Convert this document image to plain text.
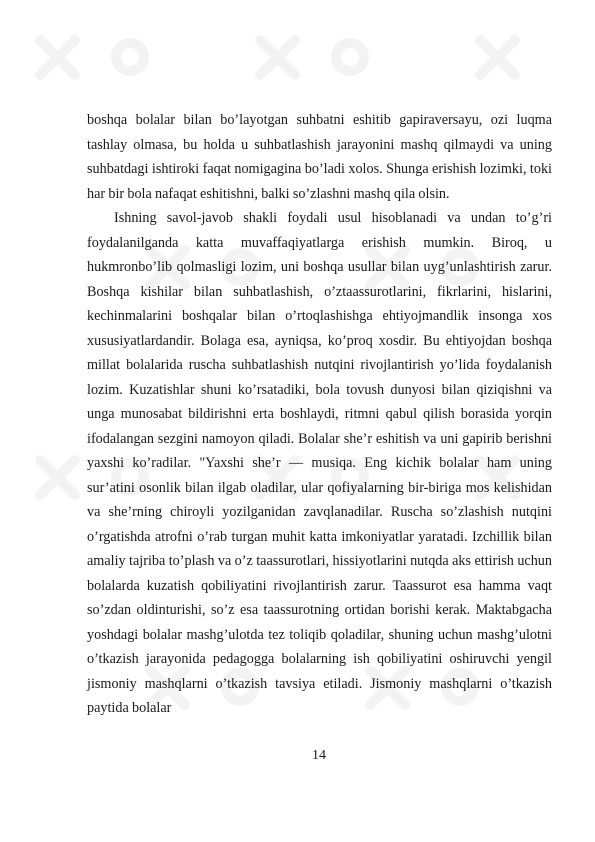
boshqa bolalar bilan bo’layotgan suhbatni eshitib gapiraversayu, ozi luqma tashlay olmasa, bu holda u suhbatlashish jarayonini mashq qilmaydi va uning suhbatdagi ishtiroki faqat nomigagina bo’ladi xolos. Shunga erishish lozimki, toki har bir bola nafaqat eshitishni, balki so’zlashni mashq qila olsin.

Ishning savol-javob shakli foydali usul hisoblanadi va undan to’g’ri foydalanilganda katta muvaffaqiyatlarga erishish mumkin. Biroq, u hukmronbo’lib qolmasligi lozim, uni boshqa usullar bilan uyg’unlashtirish zarur. Boshqa kishilar bilan suhbatlashish, o’ztaassurotlarini, fikrlarini, hislarini, kechinmalarini boshqalar bilan o’rtoqlashishga ehtiyojmandlik insonga xos xususiyatlardandir. Bolaga esa, ayniqsa, ko’proq xosdir. Bu ehtiyojdan boshqa millat bolalarida ruscha suhbatlashish nutqini rivojlantirish yo’lida foydalanish lozim. Kuzatishlar shuni ko’rsatadiki, bola tovush dunyosi bilan qiziqishni va unga munosabat bildirishni erta boshlaydi, ritmni qabul qilish borasida yorqin ifodalangan sezgini namoyon qiladi. Bolalar she’r eshitish va uni gapirib berishni yaxshi ko’radilar. "Yaxshi she’r — musiqa. Eng kichik bolalar ham uning sur’atini osonlik bilan ilgab oladilar, ular qofiyalarning bir-biriga mos kelishidan va she’rning chiroyli yozilganidan zavqlanadilar. Ruscha so’zlashish nutqini o’rgatishda atrofni o’rab turgan muhit katta imkoniyatlar yaratadi. Izchillik bilan amaliy tajriba to’plash va o’z taassurotlari, hissiyotlarini nutqda aks ettirish uchun bolalarda kuzatish qobiliyatini rivojlantirish zarur. Taassurot esa hamma vaqt so’zdan oldinturishi, so’z esa taassurotning ortidan borishi kerak. Maktabgacha yoshdagi bolalar mashg’ulotda tez toliqib qoladilar, shuning uchun mashg’ulotni o’tkazish jarayonida pedagogga bolalarning ish qobiliyatini oshiruvchi yengil jismoniy mashqlarni o’tkazish tavsiya etiladi. Jismoniy mashqlarni o’tkazish paytida bolalar

14
